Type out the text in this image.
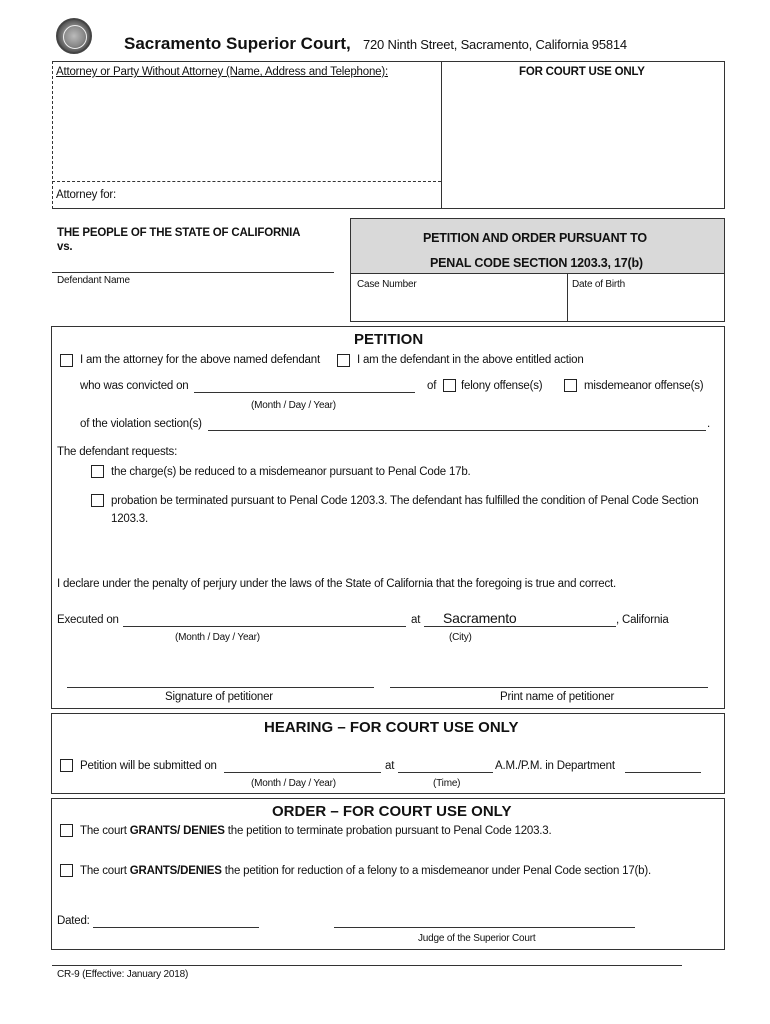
Sacramento Superior Court, 720 Ninth Street, Sacramento, California 95814
Attorney or Party Without Attorney (Name, Address and Telephone):
Attorney for:
FOR COURT USE ONLY
THE PEOPLE OF THE STATE OF CALIFORNIA
vs.
Defendant Name
PETITION AND ORDER PURSUANT TO
PENAL CODE SECTION 1203.3, 17(b)
Case Number	Date of Birth
PETITION
I am the attorney for the above named defendant	I am the defendant in the above entitled action
who was convicted on	of felony offense(s)	misdemeanor offense(s)
(Month / Day / Year)
of the violation section(s)	.
The defendant requests:
the charge(s) be reduced to a misdemeanor pursuant to Penal Code 17b.
probation be terminated pursuant to Penal Code 1203.3. The defendant has fulfilled the condition of Penal Code Section
1203.3.
I declare under the penalty of perjury under the laws of the State of California that the foregoing is true and correct.
Executed on	at Sacramento	, California
(Month / Day / Year)	(City)
Signature of petitioner	Print name of petitioner
HEARING – FOR COURT USE ONLY
Petition will be submitted on	at	A.M./P.M. in Department
(Month / Day / Year)	(Time)
ORDER – FOR COURT USE ONLY
The court GRANTS/ DENIES the petition to terminate probation pursuant to Penal Code 1203.3.
The court GRANTS/DENIES the petition for reduction of a felony to a misdemeanor under Penal Code section 17(b).
Dated:
Judge of the Superior Court
CR-9 (Effective: January 2018)
